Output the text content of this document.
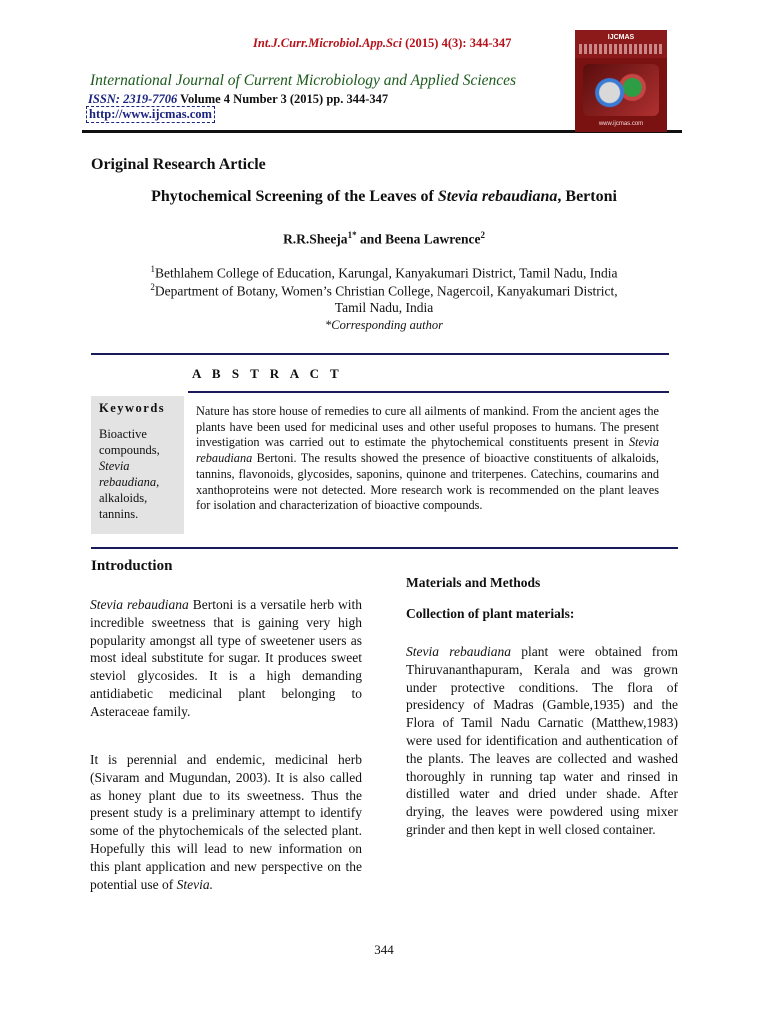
Int.J.Curr.Microbiol.App.Sci (2015) 4(3): 344-347
International Journal of Current Microbiology and Applied Sciences
ISSN: 2319-7706 Volume 4 Number 3 (2015) pp. 344-347
http://www.ijcmas.com
IJCMAS
www.ijcmas.com
Original Research Article
Phytochemical Screening of the Leaves of Stevia rebaudiana, Bertoni
R.R.Sheeja$^{1*}$ and Beena Lawrence$^2$
$^1$Bethlahem College of Education, Karungal, Kanyakumari District, Tamil Nadu, India
$^2$Department of Botany, Women’s Christian College, Nagercoil, Kanyakumari District,
Tamil Nadu, India
*Corresponding author
A B S T R A C T
Keywords
Bioactive
compounds,
Stevia
rebaudiana,
alkaloids,
tannins.
Nature has store house of remedies to cure all ailments of mankind. From the ancient ages the plants have been used for medicinal uses and other useful proposes to humans. The present investigation was carried out to estimate the phytochemical constituents present in Stevia rebaudiana Bertoni. The results showed the presence of bioactive constituents of alkaloids, tannins, flavonoids, glycosides, saponins, quinone and triterpenes. Catechins, coumarins and xanthoproteins were not detected. More research work is recommended on the plant leaves for isolation and characterization of bioactive compounds.
Introduction
Stevia rebaudiana Bertoni is a versatile herb with incredible sweetness that is gaining very high popularity amongst all type of sweetener users as most ideal substitute for sugar. It produces sweet steviol glycosides. It is a high demanding antidiabetic medicinal plant belonging to Asteraceae family.
It is perennial and endemic, medicinal herb (Sivaram and Mugundan, 2003). It is also called as honey plant due to its sweetness. Thus the present study is a preliminary attempt to identify some of the phytochemicals of the selected plant. Hopefully this will lead to new information on this plant application and new perspective on the potential use of Stevia.
Materials and Methods
Collection of plant materials:
Stevia rebaudiana plant were obtained from Thiruvananthapuram, Kerala and was grown under protective conditions. The flora of presidency of Madras (Gamble,1935) and the Flora of Tamil Nadu Carnatic (Matthew,1983) were used for identification and authentication of the plants. The leaves are collected and washed thoroughly in running tap water and rinsed in distilled water and dried under shade. After drying, the leaves were powdered using mixer grinder and then kept in well closed container.
344
